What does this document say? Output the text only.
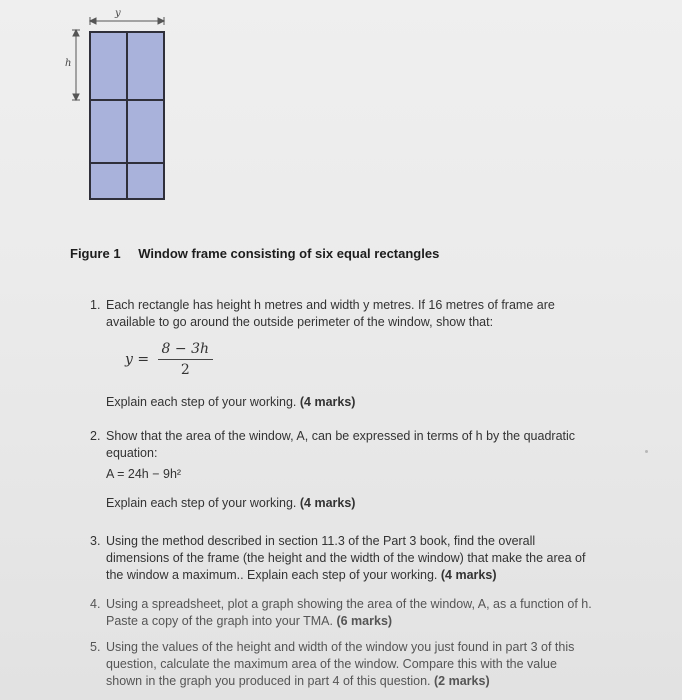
y
h
Figure 1 Window frame consisting of six equal rectangles
1. Each rectangle has height h metres and width y metres. If 16 metres of frame are
available to go around the outside perimeter of the window, show that:
$y = \frac{8 - 3h}{2}$
Explain each step of your working. (4 marks)
2. Show that the area of the window, A, can be expressed in terms of h by the quadratic
equation:
A = 24h − 9h²
Explain each step of your working. (4 marks)
3. Using the method described in section 11.3 of the Part 3 book, find the overall
dimensions of the frame (the height and the width of the window) that make the area of
the window a maximum.. Explain each step of your working. (4 marks)
4. Using a spreadsheet, plot a graph showing the area of the window, A, as a function of h.
Paste a copy of the graph into your TMA. (6 marks)
5. Using the values of the height and width of the window you just found in part 3 of this
question, calculate the maximum area of the window. Compare this with the value
shown in the graph you produced in part 4 of this question. (2 marks)
